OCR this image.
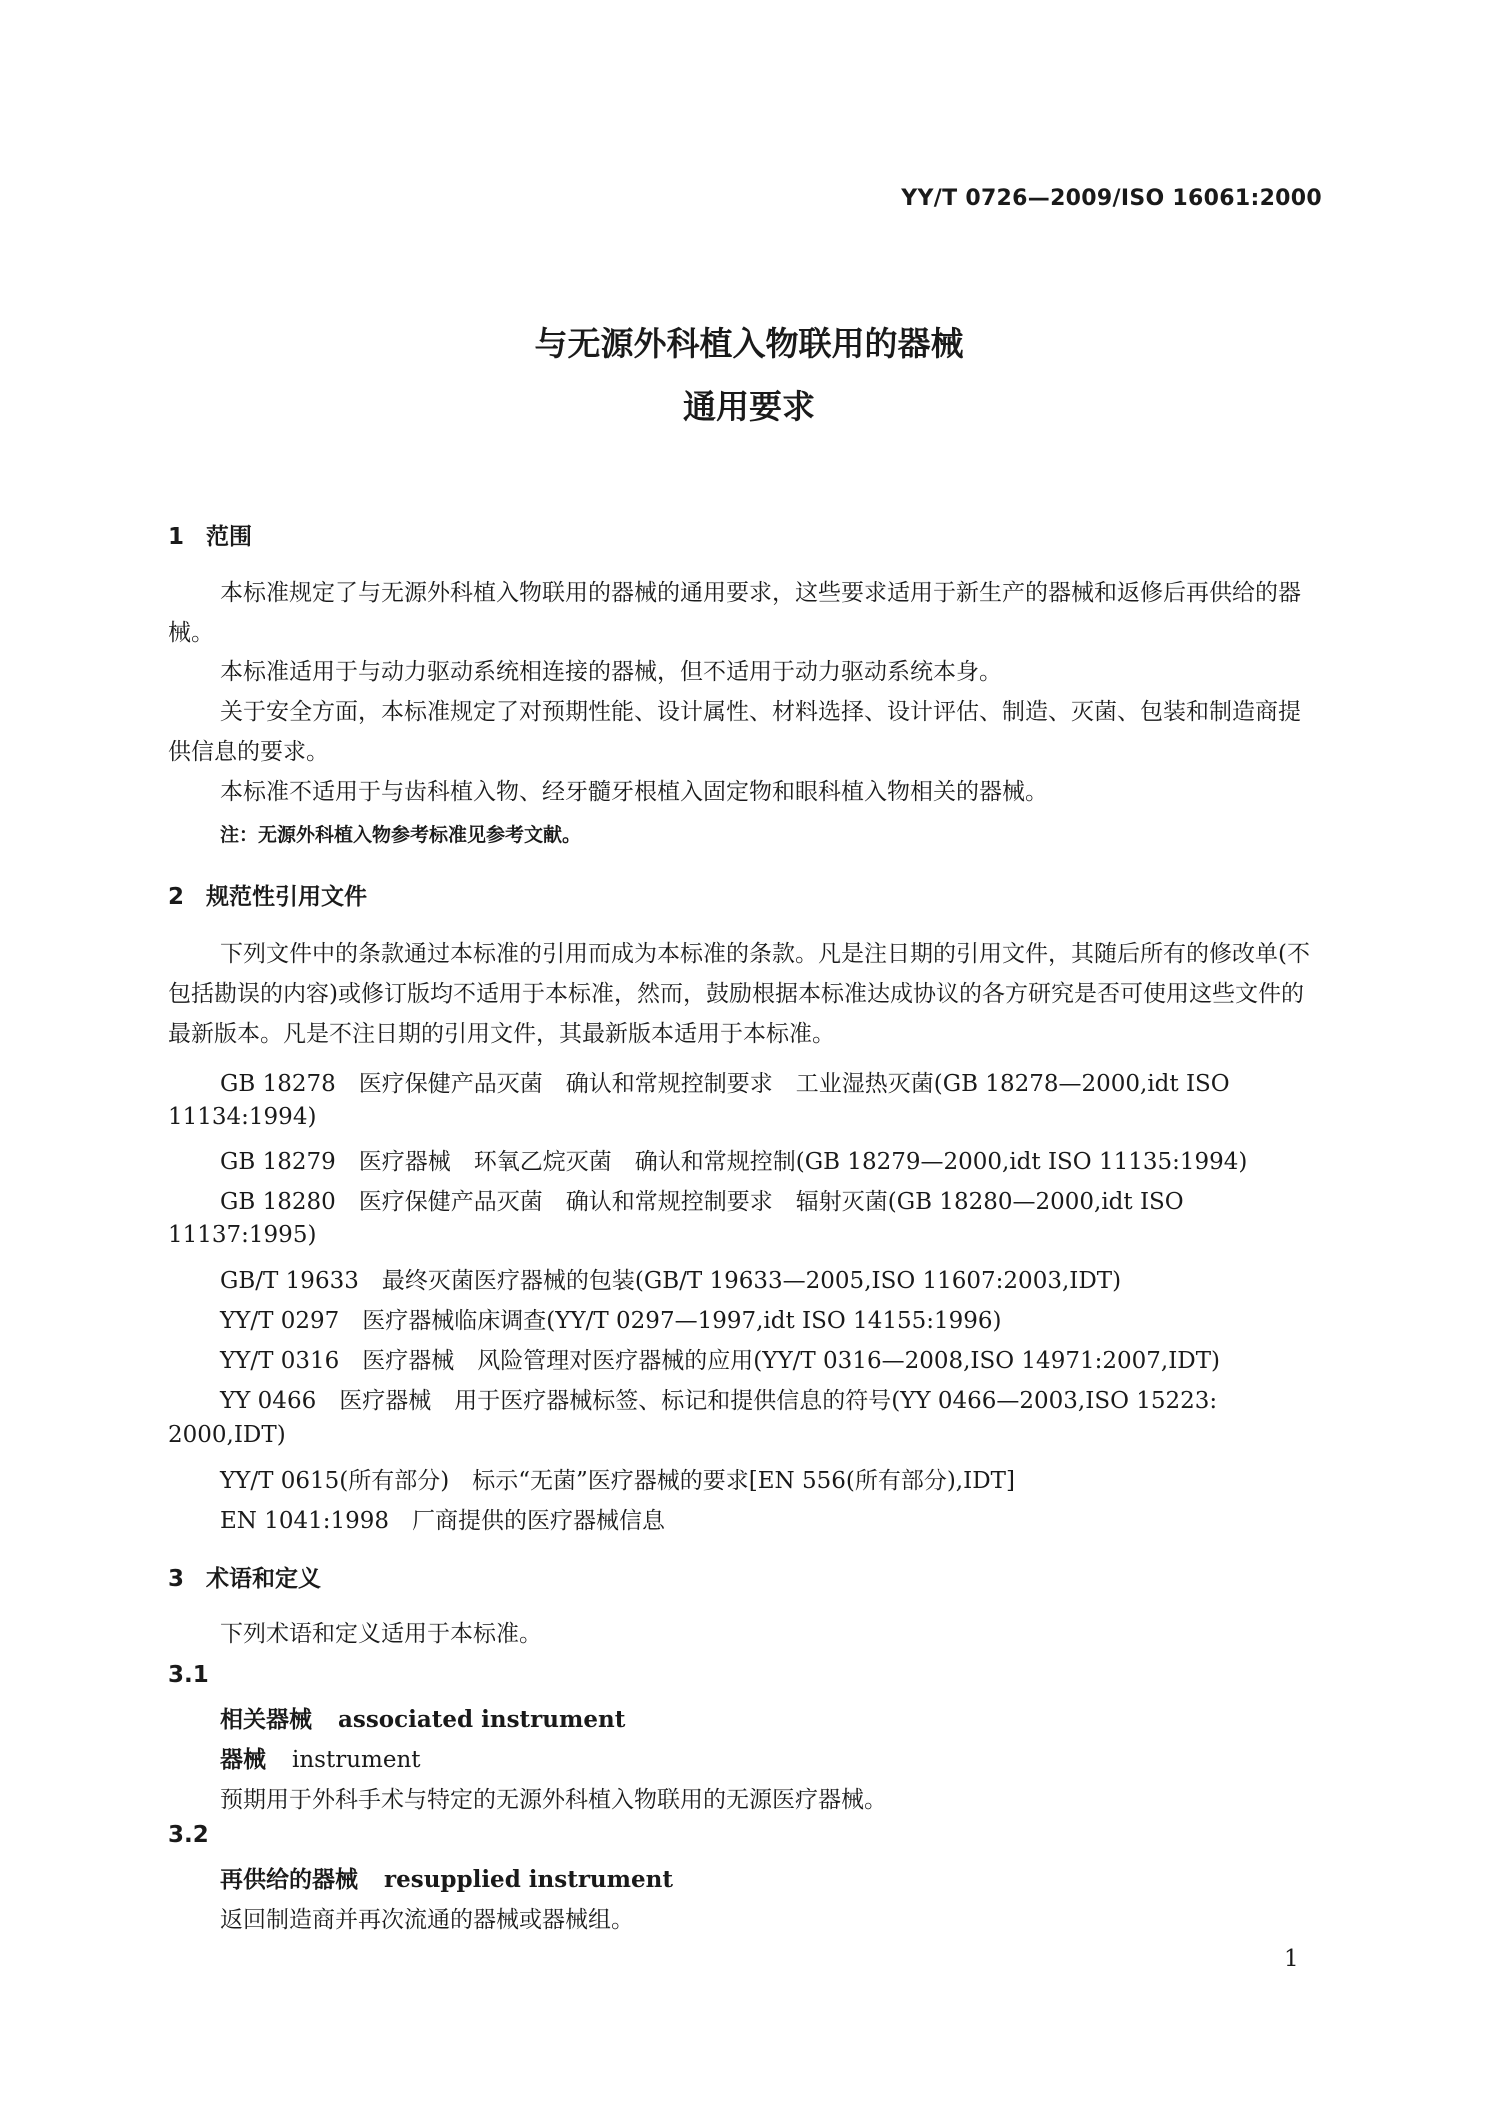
YY/T 0726—2009/ISO 16061:2000
与无源外科植入物联用的器械
通用要求
1 范围
本标准规定了与无源外科植入物联用的器械的通用要求，这些要求适用于新生产的器械和返修后再供给的器械。
本标准适用于与动力驱动系统相连接的器械，但不适用于动力驱动系统本身。
关于安全方面，本标准规定了对预期性能、设计属性、材料选择、设计评估、制造、灭菌、包装和制造商提供信息的要求。
本标准不适用于与齿科植入物、经牙髓牙根植入固定物和眼科植入物相关的器械。
注：无源外科植入物参考标准见参考文献。
2 规范性引用文件
下列文件中的条款通过本标准的引用而成为本标准的条款。凡是注日期的引用文件，其随后所有的修改单(不包括勘误的内容)或修订版均不适用于本标准，然而，鼓励根据本标准达成协议的各方研究是否可使用这些文件的最新版本。凡是不注日期的引用文件，其最新版本适用于本标准。
GB 18278　医疗保健产品灭菌　确认和常规控制要求　工业湿热灭菌(GB 18278—2000,idt ISO
11134:1994)
GB 18279　医疗器械　环氧乙烷灭菌　确认和常规控制(GB 18279—2000,idt ISO 11135:1994)
GB 18280　医疗保健产品灭菌　确认和常规控制要求　辐射灭菌(GB 18280—2000,idt ISO
11137:1995)
GB/T 19633　最终灭菌医疗器械的包装(GB/T 19633—2005,ISO 11607:2003,IDT)
YY/T 0297　医疗器械临床调查(YY/T 0297—1997,idt ISO 14155:1996)
YY/T 0316　医疗器械　风险管理对医疗器械的应用(YY/T 0316—2008,ISO 14971:2007,IDT)
YY 0466　医疗器械　用于医疗器械标签、标记和提供信息的符号(YY 0466—2003,ISO 15223:
2000,IDT)
YY/T 0615(所有部分)　标示“无菌”医疗器械的要求[EN 556(所有部分),IDT]
EN 1041:1998　厂商提供的医疗器械信息
3 术语和定义
下列术语和定义适用于本标准。
3.1
相关器械 associated instrument
器械 instrument
预期用于外科手术与特定的无源外科植入物联用的无源医疗器械。
3.2
再供给的器械 resupplied instrument
返回制造商并再次流通的器械或器械组。
1
